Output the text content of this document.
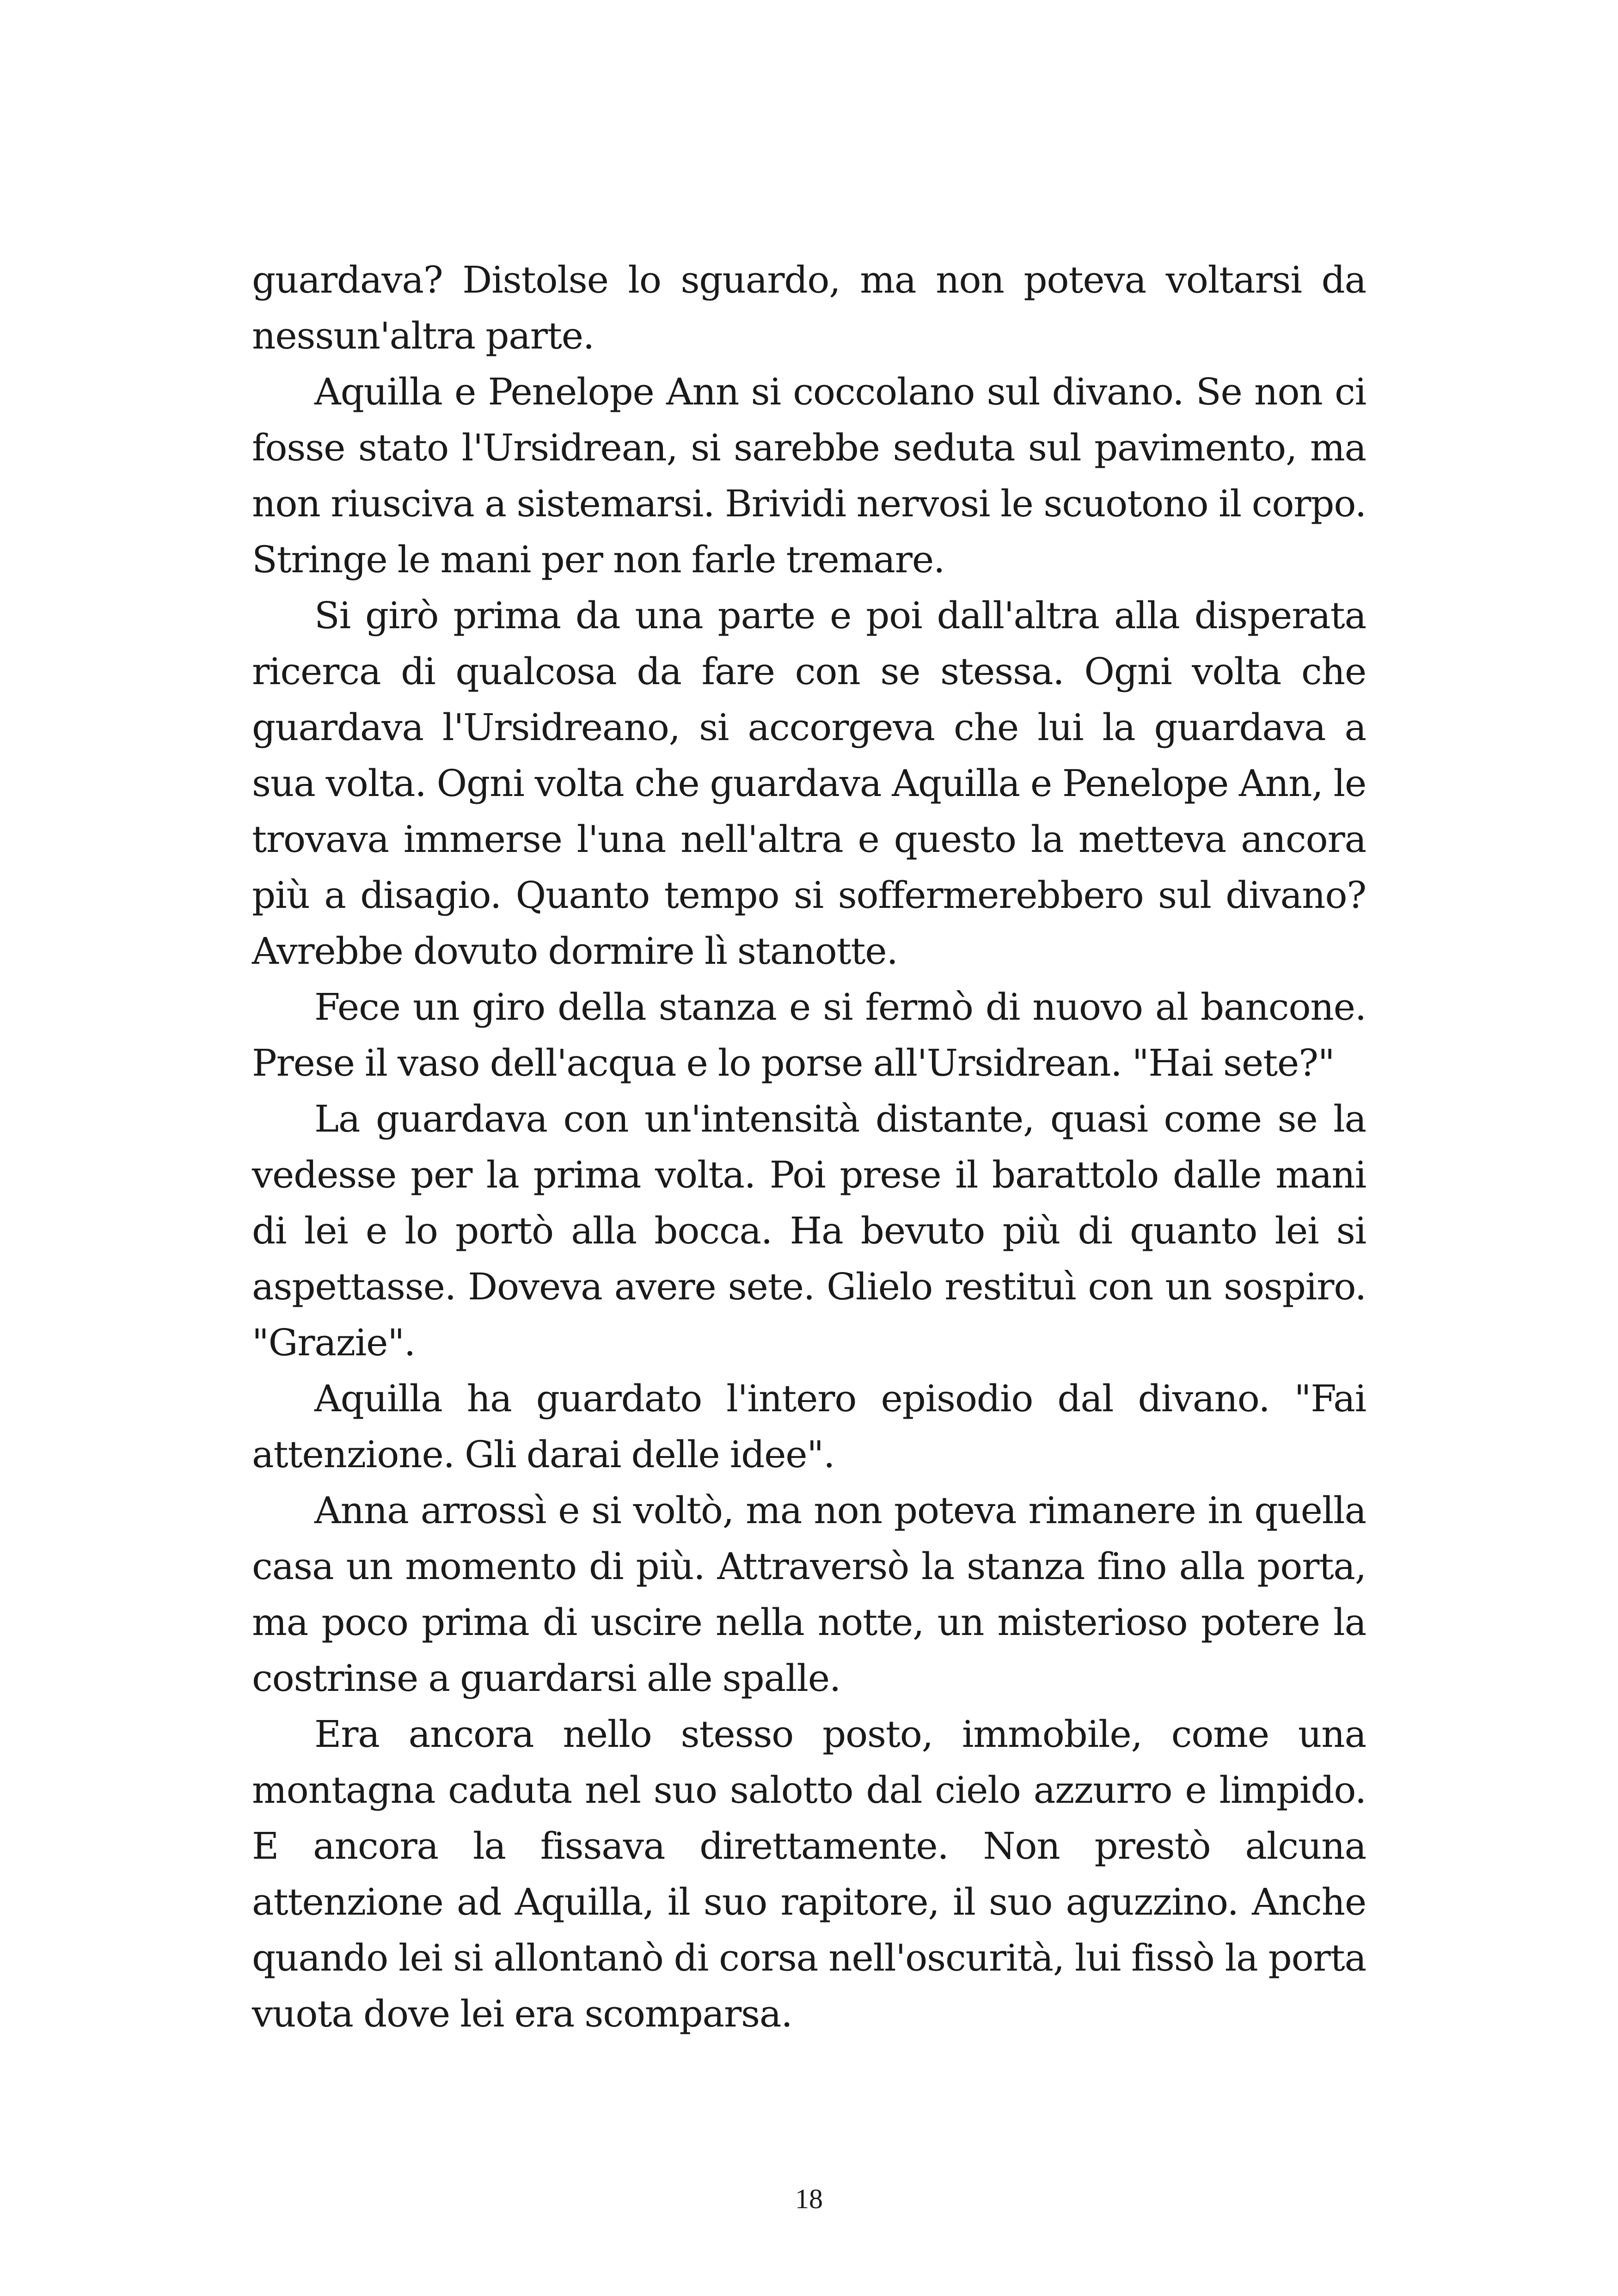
guardava? Distolse lo sguardo, ma non poteva voltarsi da nessun'altra parte.

Aquilla e Penelope Ann si coccolano sul divano. Se non ci fosse stato l'Ursidrean, si sarebbe seduta sul pavimento, ma non riusciva a sistemarsi. Brividi nervosi le scuotono il corpo. Stringe le mani per non farle tremare.

Si girò prima da una parte e poi dall'altra alla disperata ricerca di qualcosa da fare con se stessa. Ogni volta che guardava l'Ursidreano, si accorgeva che lui la guardava a sua volta. Ogni volta che guardava Aquilla e Penelope Ann, le trovava immerse l'una nell'altra e questo la metteva ancora più a disagio. Quanto tempo si soffermerebbero sul divano? Avrebbe dovuto dormire lì stanotte.

Fece un giro della stanza e si fermò di nuovo al bancone. Prese il vaso dell'acqua e lo porse all'Ursidrean. "Hai sete?"

La guardava con un'intensità distante, quasi come se la vedesse per la prima volta. Poi prese il barattolo dalle mani di lei e lo portò alla bocca. Ha bevuto più di quanto lei si aspettasse. Doveva avere sete. Glielo restituì con un sospiro. "Grazie".

Aquilla ha guardato l'intero episodio dal divano. "Fai attenzione. Gli darai delle idee".

Anna arrossì e si voltò, ma non poteva rimanere in quella casa un momento di più. Attraversò la stanza fino alla porta, ma poco prima di uscire nella notte, un misterioso potere la costrinse a guardarsi alle spalle.

Era ancora nello stesso posto, immobile, come una montagna caduta nel suo salotto dal cielo azzurro e limpido. E ancora la fissava direttamente. Non prestò alcuna attenzione ad Aquilla, il suo rapitore, il suo aguzzino. Anche quando lei si allontanò di corsa nell'oscurità, lui fissò la porta vuota dove lei era scomparsa.

18
